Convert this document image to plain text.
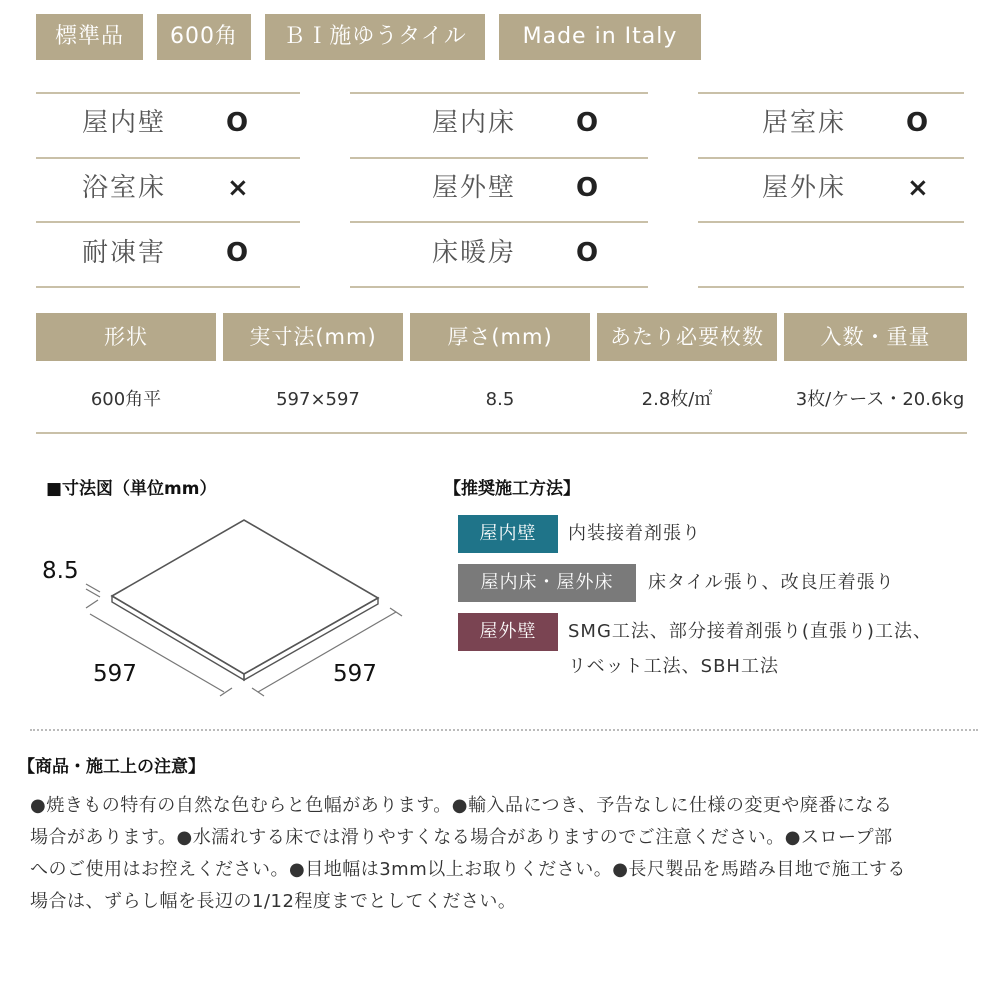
標準品	600角	ＢＩ施ゆうタイル	Made in Italy
屋内壁 O	屋内床 O	居室床 O
浴室床 ×	屋外壁 O	屋外床 ×
耐凍害 O	床暖房 O
形状	実寸法(mm)	厚さ(mm)	あたり必要枚数	入数・重量
600角平	597×597	8.5	2.8枚/㎡	3枚/ケース・20.6kg
■寸法図（単位mm）
8.5
597	597
【推奨施工方法】
屋内壁	内装接着剤張り
屋内床・屋外床	床タイル張り、改良圧着張り
屋外壁	SMG工法、部分接着剤張り(直張り)工法、
リベット工法、SBH工法
【商品・施工上の注意】
●焼きもの特有の自然な色むらと色幅があります。●輸入品につき、予告なしに仕様の変更や廃番になる
場合があります。●水濡れする床では滑りやすくなる場合がありますのでご注意ください。●スロープ部
へのご使用はお控えください。●目地幅は3mm以上お取りください。●長尺製品を馬踏み目地で施工する
場合は、ずらし幅を長辺の1/12程度までとしてください。
